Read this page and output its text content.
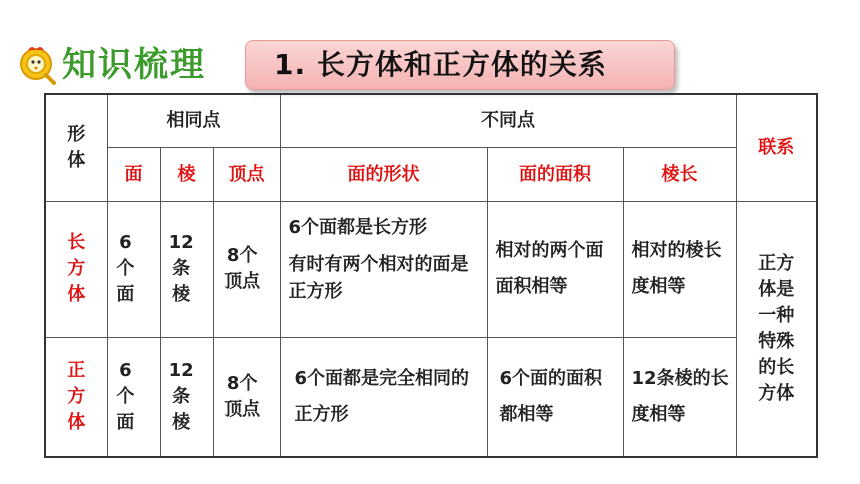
知识梳理 1. 长方体和正方体的关系
形体	相同点			不同点			联系
	面	棱	顶点	面的形状	面的面积	棱长	
长方体	6个面	12条棱	8个顶点	6个面都是长方形
有时有两个相对的面是正方形	相对的两个面面积相等	相对的棱长度相等	正方体是一种特殊的长方体
正方体	6个面	12条棱	8个顶点	6个面都是完全相同的正方形	6个面的面积都相等	12条棱的长度相等	
